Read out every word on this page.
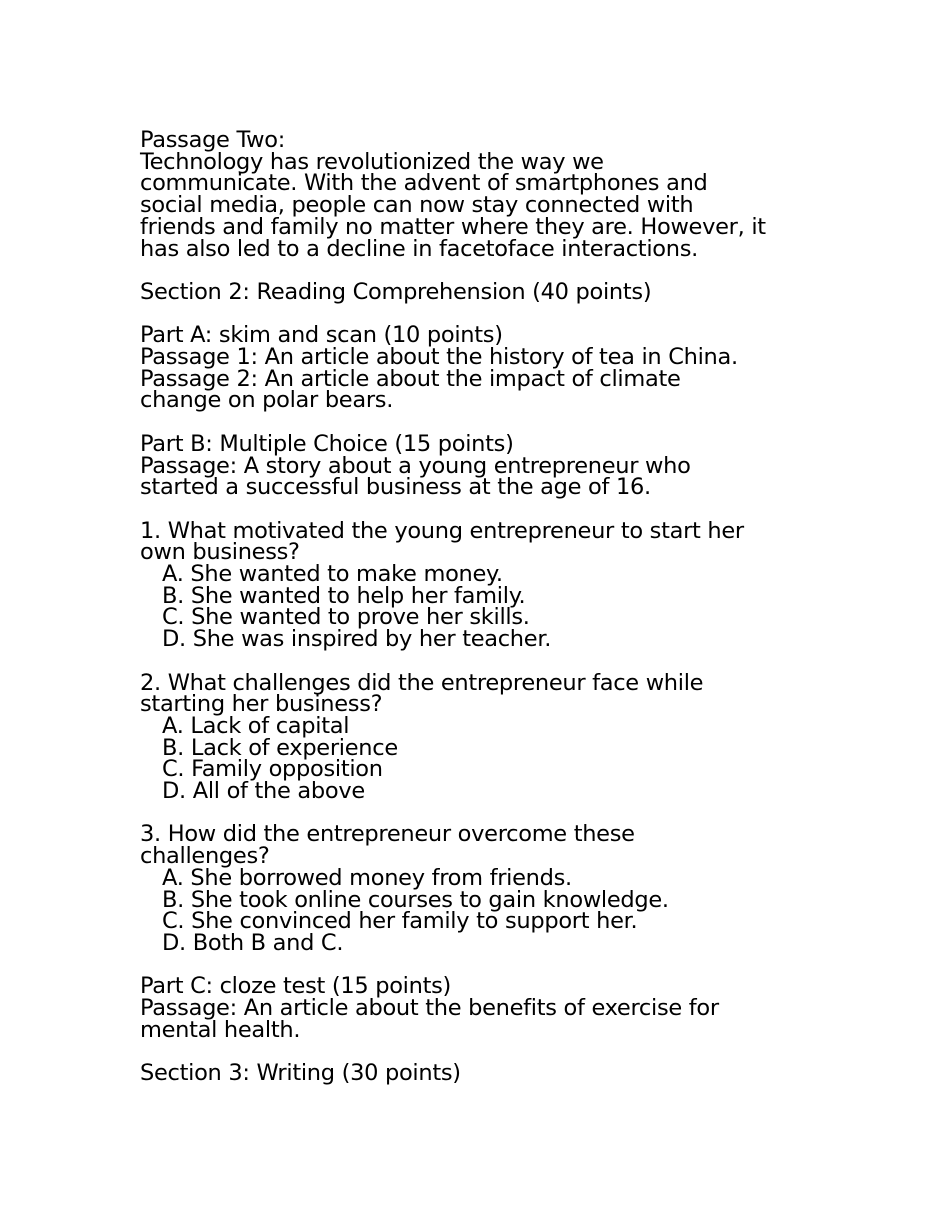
Passage Two:
Technology has revolutionized the way we
communicate. With the advent of smartphones and
social media, people can now stay connected with
friends and family no matter where they are. However, it
has also led to a decline in facetoface interactions.
Section 2: Reading Comprehension (40 points)
Part A: skim and scan (10 points)
Passage 1: An article about the history of tea in China.
Passage 2: An article about the impact of climate
change on polar bears.
Part B: Multiple Choice (15 points)
Passage: A story about a young entrepreneur who
started a successful business at the age of 16.
1. What motivated the young entrepreneur to start her
own business?
A. She wanted to make money.
B. She wanted to help her family.
C. She wanted to prove her skills.
D. She was inspired by her teacher.
2. What challenges did the entrepreneur face while
starting her business?
A. Lack of capital
B. Lack of experience
C. Family opposition
D. All of the above
3. How did the entrepreneur overcome these
challenges?
A. She borrowed money from friends.
B. She took online courses to gain knowledge.
C. She convinced her family to support her.
D. Both B and C.
Part C: cloze test (15 points)
Passage: An article about the benefits of exercise for
mental health.
Section 3: Writing (30 points)
